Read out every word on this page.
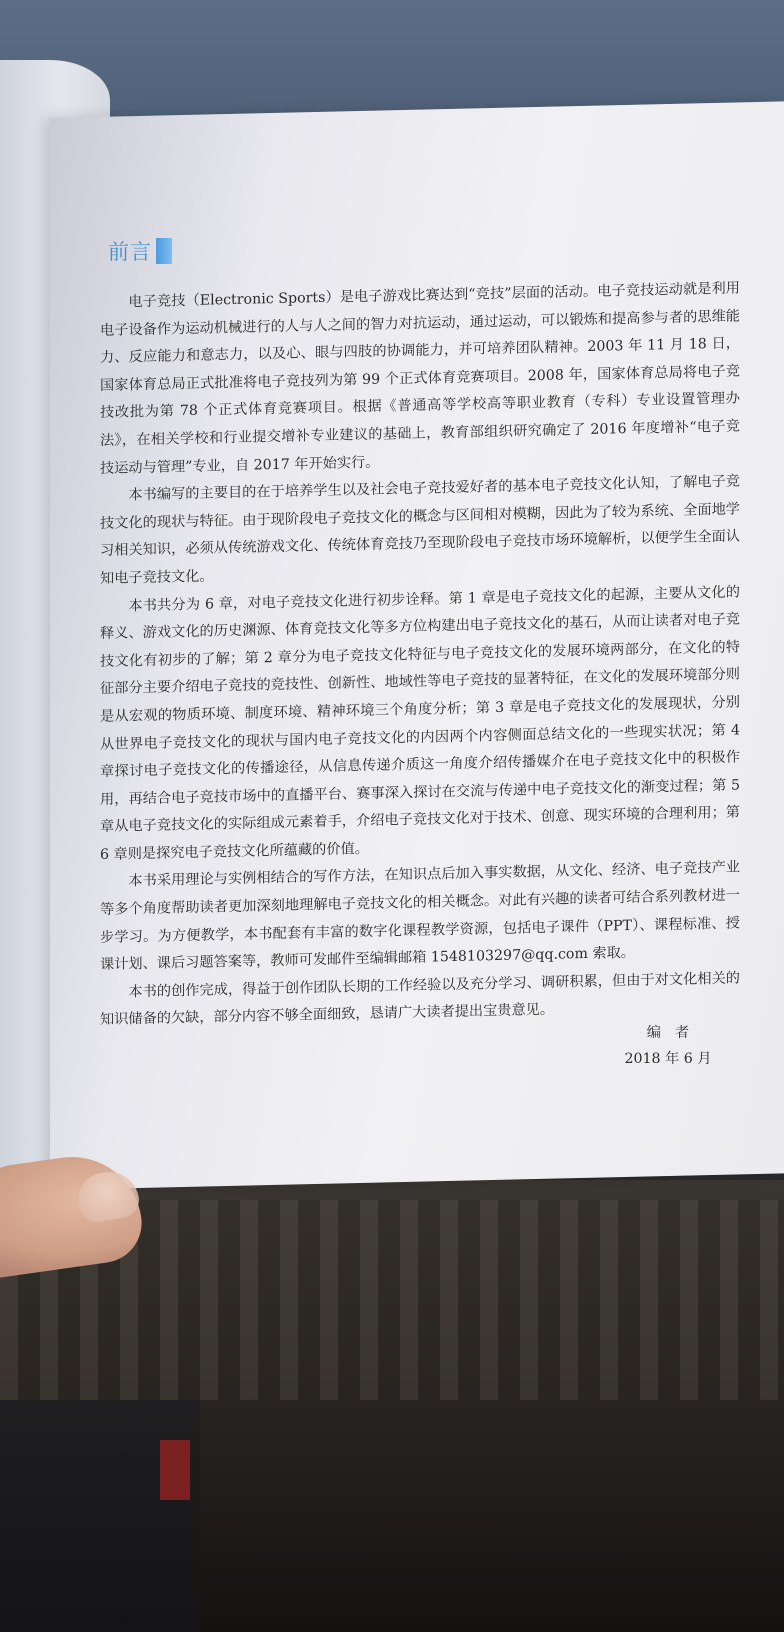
前言

电子竞技（Electronic Sports）是电子游戏比赛达到“竞技”层面的活动。电子竞技运动就是利用电子设备作为运动机械进行的人与人之间的智力对抗运动，通过运动，可以锻炼和提高参与者的思维能力、反应能力和意志力，以及心、眼与四肢的协调能力，并可培养团队精神。2003 年 11 月 18 日，国家体育总局正式批准将电子竞技列为第 99 个正式体育竞赛项目。2008 年，国家体育总局将电子竞技改批为第 78 个正式体育竞赛项目。根据《普通高等学校高等职业教育（专科）专业设置管理办法》，在相关学校和行业提交增补专业建议的基础上，教育部组织研究确定了 2016 年度增补“电子竞技运动与管理”专业，自 2017 年开始实行。

本书编写的主要目的在于培养学生以及社会电子竞技爱好者的基本电子竞技文化认知，了解电子竞技文化的现状与特征。由于现阶段电子竞技文化的概念与区间相对模糊，因此为了较为系统、全面地学习相关知识，必须从传统游戏文化、传统体育竞技乃至现阶段电子竞技市场环境解析，以便学生全面认知电子竞技文化。

本书共分为 6 章，对电子竞技文化进行初步诠释。第 1 章是电子竞技文化的起源，主要从文化的释义、游戏文化的历史渊源、体育竞技文化等多方位构建出电子竞技文化的基石，从而让读者对电子竞技文化有初步的了解；第 2 章分为电子竞技文化特征与电子竞技文化的发展环境两部分，在文化的特征部分主要介绍电子竞技的竞技性、创新性、地域性等电子竞技的显著特征，在文化的发展环境部分则是从宏观的物质环境、制度环境、精神环境三个角度分析；第 3 章是电子竞技文化的发展现状，分别从世界电子竞技文化的现状与国内电子竞技文化的内因两个内容侧面总结文化的一些现实状况；第 4 章探讨电子竞技文化的传播途径，从信息传递介质这一角度介绍传播媒介在电子竞技文化中的积极作用，再结合电子竞技市场中的直播平台、赛事深入探讨在交流与传递中电子竞技文化的渐变过程；第 5 章从电子竞技文化的实际组成元素着手，介绍电子竞技文化对于技术、创意、现实环境的合理利用；第 6 章则是探究电子竞技文化所蕴藏的价值。

本书采用理论与实例相结合的写作方法，在知识点后加入事实数据，从文化、经济、电子竞技产业等多个角度帮助读者更加深刻地理解电子竞技文化的相关概念。对此有兴趣的读者可结合系列教材进一步学习。为方便教学，本书配套有丰富的数字化课程教学资源，包括电子课件（PPT）、课程标准、授课计划、课后习题答案等，教师可发邮件至编辑邮箱 1548103297@qq.com 索取。

本书的创作完成，得益于创作团队长期的工作经验以及充分学习、调研积累，但由于对文化相关的知识储备的欠缺，部分内容不够全面细致，恳请广大读者提出宝贵意见。

编者
2018 年 6 月
